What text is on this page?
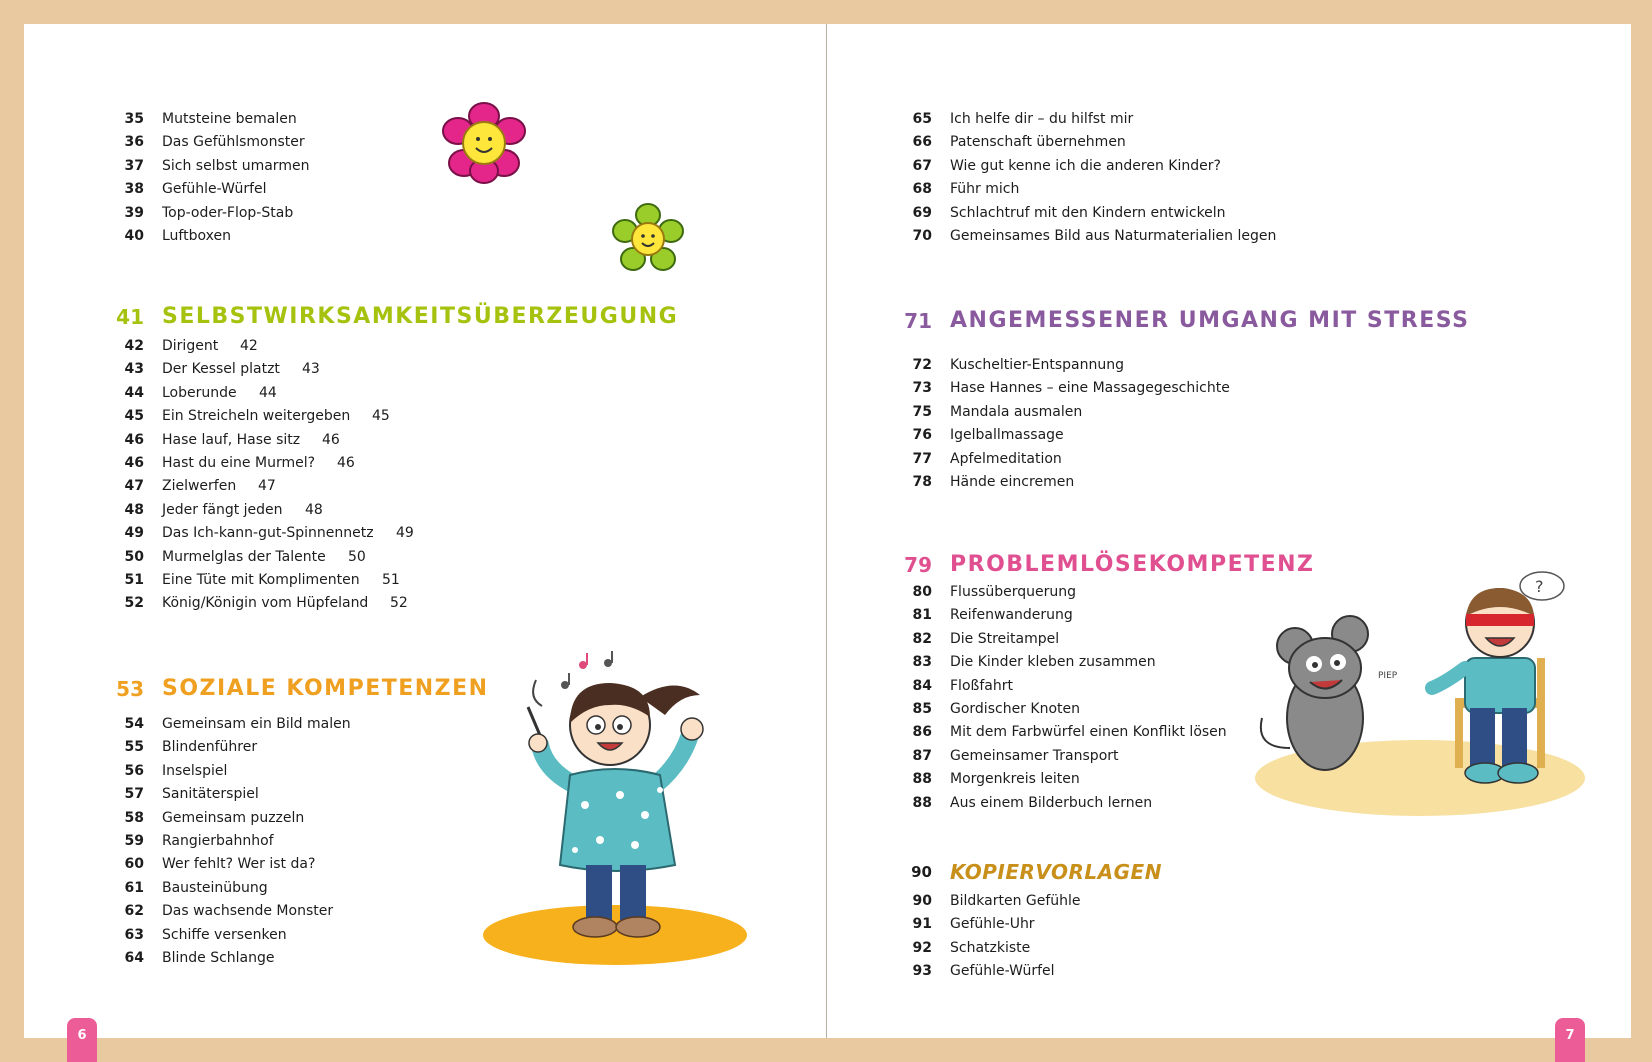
35 Mutsteine bemalen
36 Das Gefühlsmonster
37 Sich selbst umarmen
38 Gefühle-Würfel
39 Top-oder-Flop-Stab
40 Luftboxen
42 Dirigent 42
43 Der Kessel platzt 43
44 Loberunde 44
45 Ein Streicheln weitergeben 45
46 Hase lauf, Hase sitz 46
46 Hast du eine Murmel? 46
47 Zielwerfen 47
48 Jeder fängt jeden 48
49 Das Ich-kann-gut-Spinnennetz 49
50 Murmelglas der Talente 50
51 Eine Tüte mit Komplimenten 51
52 König/Königin vom Hüpfeland 52
54 Gemeinsam ein Bild malen
55 Blindenführer
56 Inselspiel
57 Sanitäterspiel
58 Gemeinsam puzzeln
59 Rangierbahnhof
60 Wer fehlt? Wer ist da?
61 Bausteinübung
62 Das wachsende Monster
63 Schiffe versenken
64 Blinde Schlange
41 SELBSTWIRKSAMKEITSÜBERZEUGUNG
53 SOZIALE KOMPETENZEN
65 Ich helfe dir – du hilfst mir
66 Patenschaft übernehmen
67 Wie gut kenne ich die anderen Kinder?
68 Führ mich
69 Schlachtruf mit den Kindern entwickeln
70 Gemeinsames Bild aus Naturmaterialien legen
72 Kuscheltier-Entspannung
73 Hase Hannes – eine Massagegeschichte
75 Mandala ausmalen
76 Igelballmassage
77 Apfelmeditation
78 Hände eincremen
80 Flussüberquerung
81 Reifenwanderung
82 Die Streitampel
83 Die Kinder kleben zusammen
84 Floßfahrt
85 Gordischer Knoten
86 Mit dem Farbwürfel einen Konflikt lösen
87 Gemeinsamer Transport
88 Morgenkreis leiten
88 Aus einem Bilderbuch lernen
90 Bildkarten Gefühle
91 Gefühle-Uhr
92 Schatzkiste
93 Gefühle-Würfel
71 ANGEMESSENER UMGANG MIT STRESS
79 PROBLEMLÖSEKOMPETENZ
90 KOPIERVORLAGEN
6	7
?
PIEP
